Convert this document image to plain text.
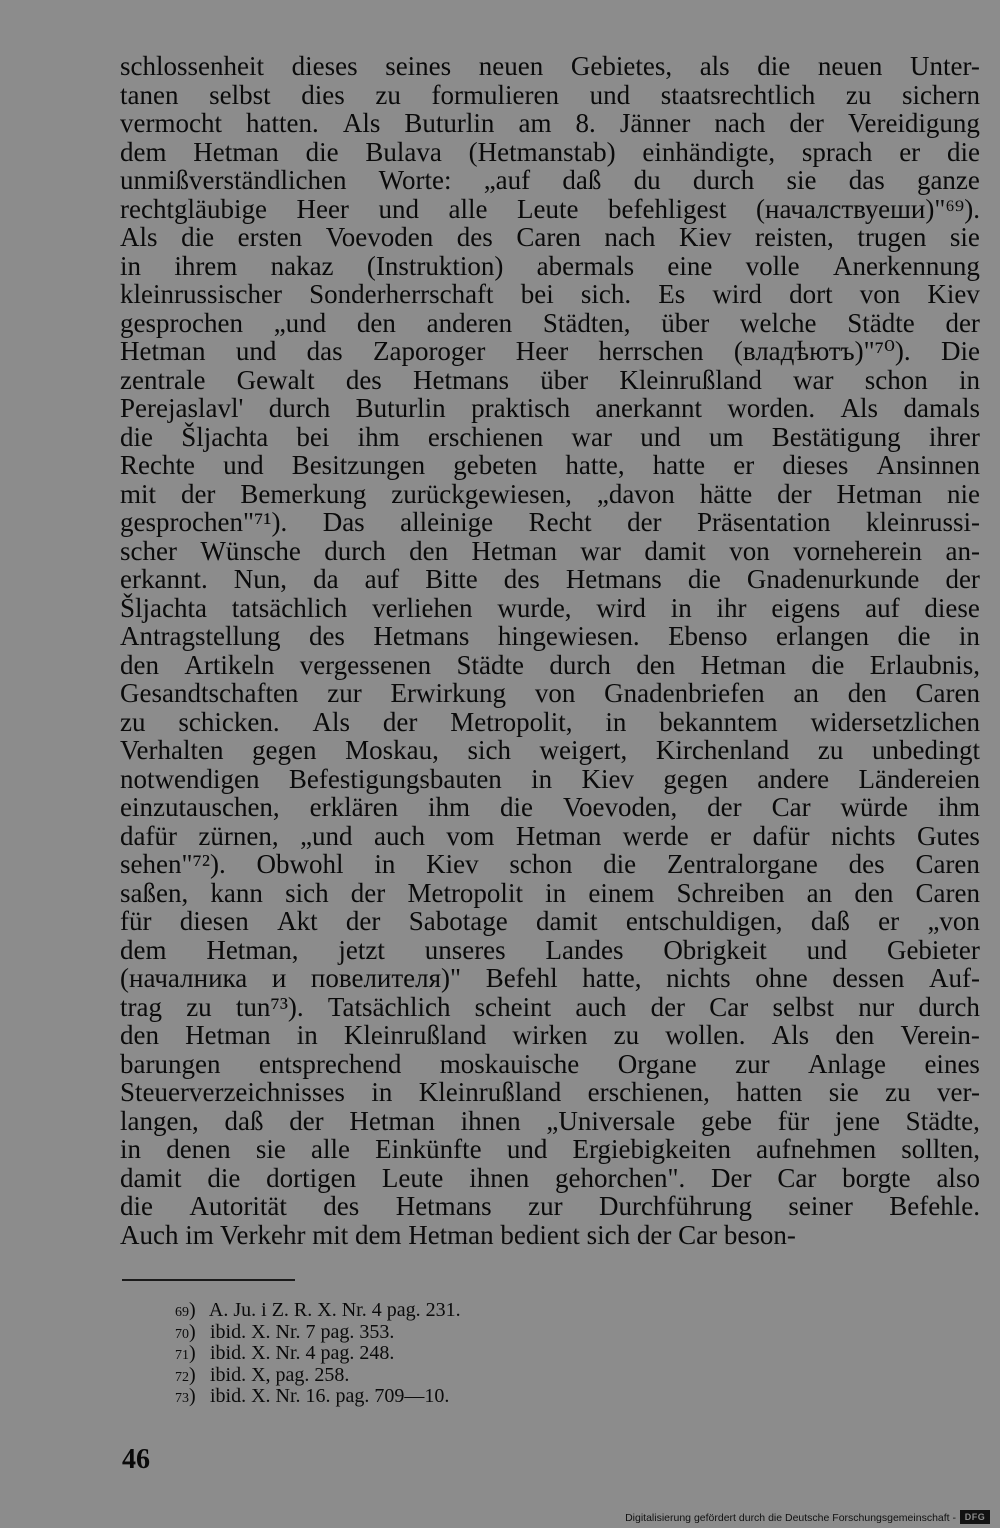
schlossenheit dieses seines neuen Gebietes, als die neuen Unter-
tanen selbst dies zu formulieren und staatsrechtlich zu sichern
vermocht hatten. Als Buturlin am 8. Jänner nach der Vereidigung
dem Hetman die Bulava (Hetmanstab) einhändigte, sprach er die
unmißverständlichen Worte: „auf daß du durch sie das ganze
rechtgläubige Heer und alle Leute befehligest (начaлствуеши)"⁶⁹).
Als die ersten Voevoden des Caren nach Kiev reisten, trugen sie
in ihrem nakaz (Instruktion) abermals eine volle Anerkennung
kleinrussischer Sonderherrschaft bei sich. Es wird dort von Kiev
gesprochen „und den anderen Städten, über welche Städte der
Hetman und das Zaporoger Heer herrschen (владѣютъ)"⁷⁰). Die
zentrale Gewalt des Hetmans über Kleinrußland war schon in
Perejaslavl' durch Buturlin praktisch anerkannt worden. Als damals
die Šljachta bei ihm erschienen war und um Bestätigung ihrer
Rechte und Besitzungen gebeten hatte, hatte er dieses Ansinnen
mit der Bemerkung zurückgewiesen, „davon hätte der Hetman nie
gesprochen"⁷¹). Das alleinige Recht der Präsentation kleinrussi-
scher Wünsche durch den Hetman war damit von vorneherein an-
erkannt. Nun, da auf Bitte des Hetmans die Gnadenurkunde der
Šljachta tatsächlich verliehen wurde, wird in ihr eigens auf diese
Antragstellung des Hetmans hingewiesen. Ebenso erlangen die in
den Artikeln vergessenen Städte durch den Hetman die Erlaubnis,
Gesandtschaften zur Erwirkung von Gnadenbriefen an den Caren
zu schicken. Als der Metropolit, in bekanntem widersetzlichen
Verhalten gegen Moskau, sich weigert, Kirchenland zu unbedingt
notwendigen Befestigungsbauten in Kiev gegen andere Ländereien
einzutauschen, erklären ihm die Voevoden, der Car würde ihm
dafür zürnen, „und auch vom Hetman werde er dafür nichts Gutes
sehen"⁷²). Obwohl in Kiev schon die Zentralorgane des Caren
saßen, kann sich der Metropolit in einem Schreiben an den Caren
für diesen Akt der Sabotage damit entschuldigen, daß er „von
dem Hetman, jetzt unseres Landes Obrigkeit und Gebieter
(началника и повелителя)" Befehl hatte, nichts ohne dessen Auf-
trag zu tun⁷³). Tatsächlich scheint auch der Car selbst nur durch
den Hetman in Kleinrußland wirken zu wollen. Als den Verein-
barungen entsprechend moskauische Organe zur Anlage eines
Steuerverzeichnisses in Kleinrußland erschienen, hatten sie zu ver-
langen, daß der Hetman ihnen „Universale gebe für jene Städte,
in denen sie alle Einkünfte und Ergiebigkeiten aufnehmen sollten,
damit die dortigen Leute ihnen gehorchen". Der Car borgte also
die Autorität des Hetmans zur Durchführung seiner Befehle.
Auch im Verkehr mit dem Hetman bedient sich der Car beson-
69 ) A. Ju. i Z. R. X. Nr. 4 pag. 231.
70 ) ibid. X. Nr. 7 pag. 353.
71 ) ibid. X. Nr. 4 pag. 248.
72 ) ibid. X, pag. 258.
73 ) ibid. X. Nr. 16. pag. 709—10.
46
Digitalisierung gefördert durch die Deutsche Forschungsgemeinschaft - DFG
